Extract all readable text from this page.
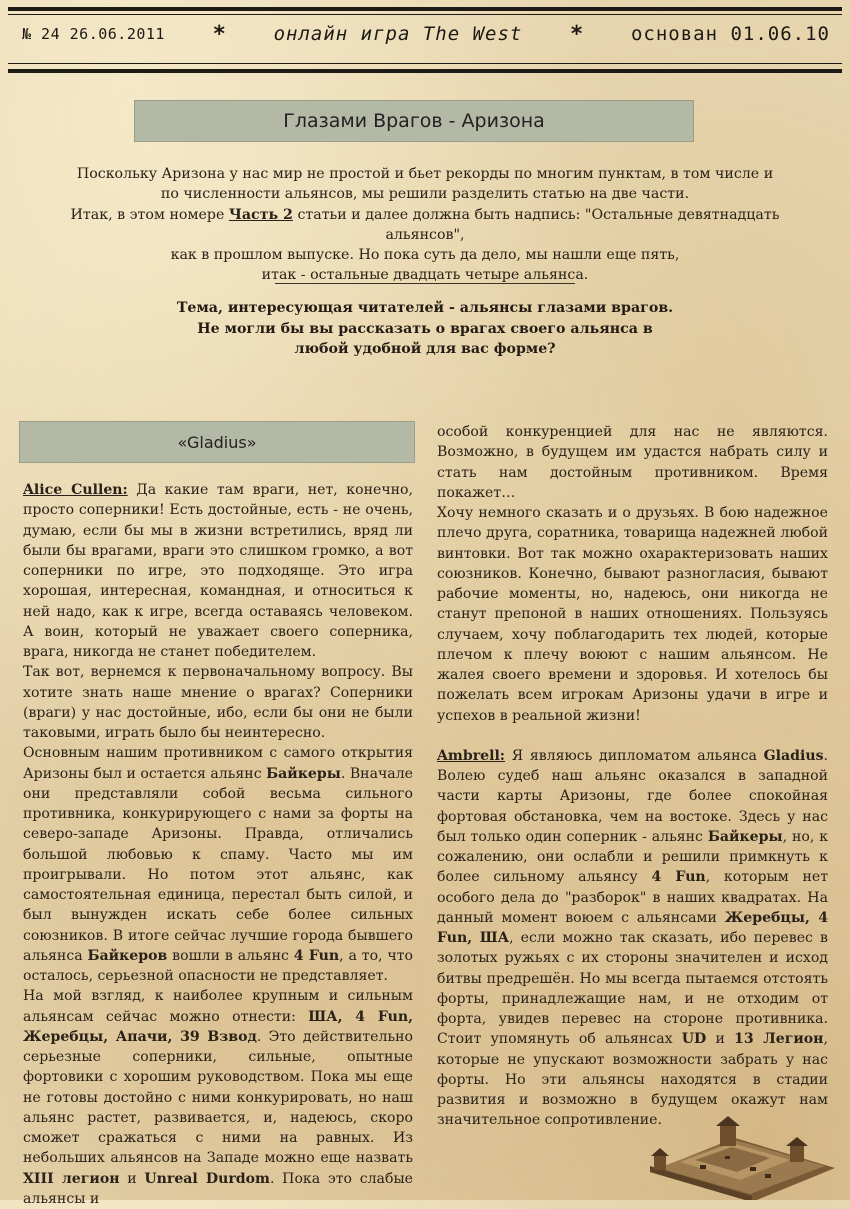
№ 24 26.06.2011 *	онлайн игра The West *	основан 01.06.10
Глазами Врагов - Аризона
Поскольку Аризона у нас мир не простой и бьет рекорды по многим пунктам, в том числе и
по численности альянсов, мы решили разделить статью на две части.
Итак, в этом номере Часть 2 статьи и далее должна быть надпись: "Остальные девятнадцать альянсов",
как в прошлом выпуске. Но пока суть да дело, мы нашли еще пять,
итак - остальные двадцать четыре альянса.
Тема, интересующая читателей - альянсы глазами врагов.
Не могли бы вы рассказать о врагах своего альянса в
любой удобной для вас форме?
«Gladius»

Alice Cullen: Да какие там враги, нет, конечно, просто соперники! Есть достойные, есть - не очень, думаю, если бы мы в жизни встретились, вряд ли были бы врагами, враги это слишком громко, а вот соперники по игре, это подходяще. Это игра хорошая, интересная, командная, и относиться к ней надо, как к игре, всегда оставаясь человеком. А воин, который не уважает своего соперника, врага, никогда не станет победителем.

Так вот, вернемся к первоначальному вопросу. Вы хотите знать наше мнение о врагах? Соперники (враги) у нас достойные, ибо, если бы они не были таковыми, играть было бы неинтересно.

Основным нашим противником с самого открытия Аризоны был и остается альянс Байкеры. Вначале они представляли собой весьма сильного противника, конкурирующего с нами за форты на северо-западе Аризоны. Правда, отличались большой любовью к спаму. Часто мы им проигрывали. Но потом этот альянс, как самостоятельная единица, перестал быть силой, и был вынужден искать себе более сильных союзников. В итоге сейчас лучшие города бывшего альянса Байкеров вошли в альянс 4 Fun, а то, что осталось, серьезной опасности не представляет.

На мой взгляд, к наиболее крупным и сильным альянсам сейчас можно отнести: ША, 4 Fun, Жеребцы, Апачи, 39 Взвод. Это действительно серьезные соперники, сильные, опытные фортовики с хорошим руководством. Пока мы еще не готовы достойно с ними конкурировать, но наш альянс растет, развивается, и, надеюсь, скоро сможет сражаться с ними на равных. Из небольших альянсов на Западе можно еще назвать XIII легион и Unreal Durdom. Пока это слабые альянсы и

особой конкуренцией для нас не являются. Возможно, в будущем им удастся набрать силу и стать нам достойным противником. Время покажет…

Хочу немного сказать и о друзьях. В бою надежное плечо друга, соратника, товарища надежней любой винтовки. Вот так можно охарактеризовать наших союзников. Конечно, бывают разногласия, бывают рабочие моменты, но, надеюсь, они никогда не станут препоной в наших отношениях. Пользуясь случаем, хочу поблагодарить тех людей, которые плечом к плечу воюют с нашим альянсом. Не жалея своего времени и здоровья. И хотелось бы пожелать всем игрокам Аризоны удачи в игре и успехов в реальной жизни!

Ambrell: Я являюсь дипломатом альянса Gladius. Волею судеб наш альянс оказался в западной части карты Аризоны, где более спокойная фортовая обстановка, чем на востоке. Здесь у нас был только один соперник - альянс Байкеры, но, к сожалению, они ослабли и решили примкнуть к более сильному альянсу 4 Fun, которым нет особого дела до "разборок" в наших квадратах. На данный момент воюем с альянсами Жеребцы, 4 Fun, ША, если можно так сказать, ибо перевес в золотых ружьях с их стороны значителен и исход битвы предрешён. Но мы всегда пытаемся отстоять форты, принадлежащие нам, и не отходим от форта, увидев перевес на стороне противника. Стоит упомянуть об альянсах UD и 13 Легион, которые не упускают возможности забрать у нас форты. Но эти альянсы находятся в стадии развития и возможно в будущем окажут нам значительное сопротивление.
